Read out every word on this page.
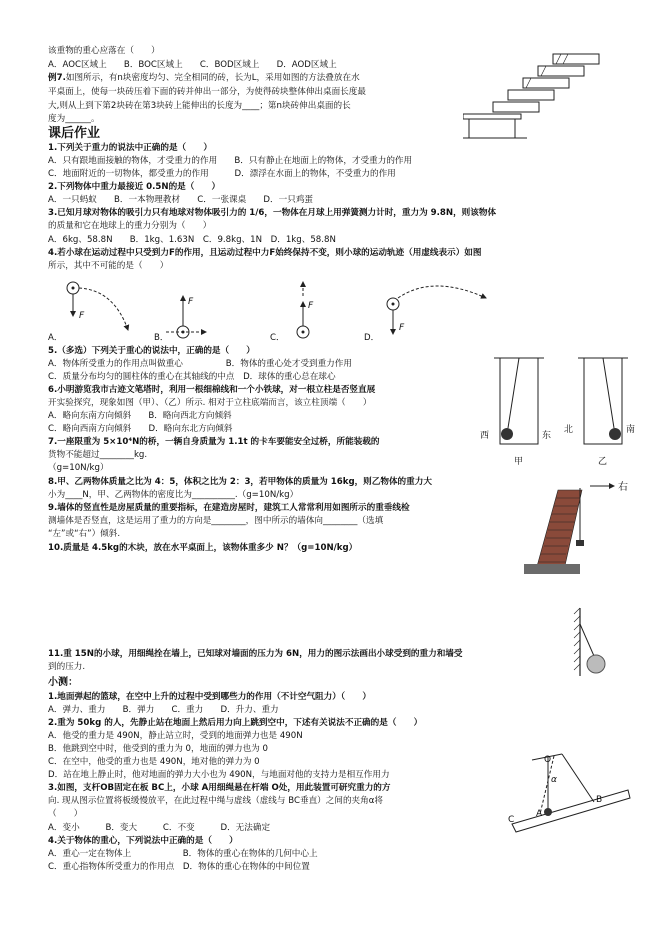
该重物的重心应落在（　　）
A．AOC区域上　　B．BOC区域上　　C．BOD区域上　　D．AOD区域上
例7.如图所示，有n块密度均匀、完全相同的砖，长为L，采用如图的方法叠放在水
平桌面上，使每一块砖压着下面的砖并伸出一部分，为使得砖块整体伸出桌面长度最
大,则从上到下第2块砖在第3块砖上能伸出的长度为____；第n块砖伸出桌面的长
度为______。
课后作业
1.下列关于重力的说法中正确的是（　　）
A．只有跟地面接触的物体，才受重力的作用　　B．只有静止在地面上的物体，才受重力的作用
C．地面附近的一切物体，都受重力的作用　　　D．漂浮在水面上的物体，不受重力的作用
2.下列物体中重力最接近 0.5N的是（　　）
A．一只蚂蚁　　B．一本物理教材　　C．一张课桌　　D．一只鸡蛋
3.已知月球对物体的吸引力只有地球对物体吸引力的 1/6，一物体在月球上用弹簧测力计时，重力为 9.8N，则该物体
的质量和它在地球上的重力分别为（　　）
A．6kg、58.8N　　B．1kg、1.63N　C．9.8kg、1N　D．1kg、58.8N
4.若小球在运动过程中只受到力F的作用，且运动过程中力F始终保持不变，则小球的运动轨迹（用虚线表示）如图
所示，其中不可能的是（　　）
F
F	F
F
A．	B．	C．	D．
5.（多选）下列关于重心的说法中，正确的是（　　）
A．物体所受重力的作用点叫做重心　　　　　B．物体的重心处才受到重力作用
C．质量分布均匀的圆柱体的重心在其轴线的中点　D．球体的重心总在球心
6.小明游览我市古迹文笔塔时，利用一根细棉线和一个小铁球，对一根立柱是否竖直展
开实验探究，现象如图（甲）、（乙）所示. 相对于立柱底端而言，该立柱顶端（　　）
A．略向东南方向倾斜　　B．略向西北方向倾斜
C．略向西南方向倾斜　　D．略向东北方向倾斜
西	东
北	南
甲	乙
7.一座限重为 5×10⁴N的桥，一辆自身质量为 1.1t 的卡车要能安全过桥，所能装载的
货物不能超过________kg.
（g=10N/kg）
8.甲、乙两物体质量之比为 4：5，体积之比为 2：3，若甲物体的质量为 16kg，则乙物体的重力大
小为____N，甲、乙两物体的密度比为__________.（g=10N/kg）
9.墙体的竖直性是房屋质量的重要指标，在建造房屋时，建筑工人常常利用如图所示的重垂线检
测墙体是否竖直，这是运用了重力的方向是________，图中所示的墙体向________（选填
“左”或“右”）倾斜.
右
10.质量是 4.5kg的木块，放在水平桌面上，该物体重多少 N？（g=10N/kg）
11.重 15N的小球，用细绳拴在墙上，已知球对墙面的压力为 6N，用力的图示法画出小球受到的重力和墙受
到的压力.
小测：
1.地面弹起的篮球，在空中上升的过程中受到哪些力的作用（不计空气阻力）（　　）
A．弹力、重力　　B．弹力　　C．重力　　D．升力、重力
2.重为 50kg 的人，先静止站在地面上然后用力向上跳到空中，下述有关说法不正确的是（　　）
A．他受的重力是 490N，静止站立时，受到的地面弹力也是 490N
B．他跳到空中时，他受到的重力为 0，地面的弹力也为 0
C．在空中，他受的重力也是 490N，地对他的弹力为 0
D．站在地上静止时，他对地面的弹力大小也为 490N，与地面对他的支持力是相互作用力
3.如图，支杆OB固定在板 BC上，小球 A用细绳悬在杆端 O处，用此装置可研究重力的方
向. 现从图示位置将板缓慢放平，在此过程中绳与虚线（虚线与 BC垂直）之间的夹角α将
（　　）
A．变小　　　B．变大　　　C．不变　　　D．无法确定
4.关于物体的重心，下列说法中正确的是（　　）
A．重心一定在物体上　　　　　　B．物体的重心在物体的几何中心上
C．重心指物体所受重力的作用点　D．物体的重心在物体的中间位置
O
A
B
C
α
